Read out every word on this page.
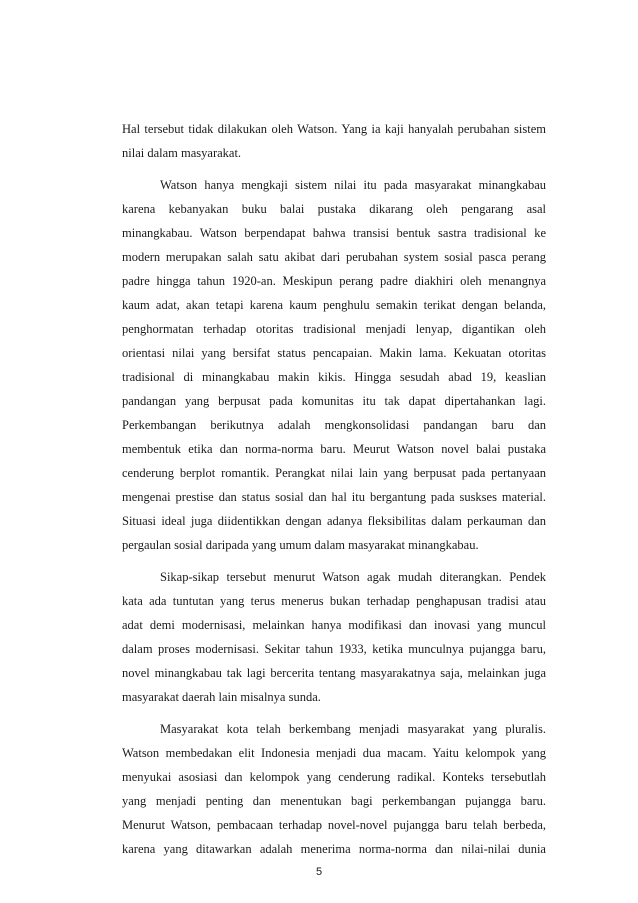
Hal tersebut tidak dilakukan oleh Watson. Yang ia kaji hanyalah perubahan sistem
nilai dalam masyarakat.
Watson hanya mengkaji sistem nilai itu pada masyarakat minangkabau
karena kebanyakan buku balai pustaka dikarang oleh pengarang asal
minangkabau. Watson berpendapat bahwa transisi bentuk sastra tradisional ke
modern merupakan salah satu akibat dari perubahan system sosial pasca perang
padre hingga tahun 1920-an. Meskipun perang padre diakhiri oleh menangnya
kaum adat, akan tetapi karena kaum penghulu semakin terikat dengan belanda,
penghormatan terhadap otoritas tradisional menjadi lenyap, digantikan oleh
orientasi nilai yang bersifat status pencapaian. Makin lama. Kekuatan otoritas
tradisional di minangkabau makin kikis. Hingga sesudah abad 19, keaslian
pandangan yang berpusat pada komunitas itu tak dapat dipertahankan lagi.
Perkembangan berikutnya adalah mengkonsolidasi pandangan baru dan
membentuk etika dan norma-norma baru. Meurut Watson novel balai pustaka
cenderung berplot romantik. Perangkat nilai lain yang berpusat pada pertanyaan
mengenai prestise dan status sosial dan hal itu bergantung pada suskses material.
Situasi ideal juga diidentikkan dengan adanya fleksibilitas dalam perkauman dan
pergaulan sosial daripada yang umum dalam masyarakat minangkabau.
Sikap-sikap tersebut menurut Watson agak mudah diterangkan. Pendek
kata ada tuntutan yang terus menerus bukan terhadap penghapusan tradisi atau
adat demi modernisasi, melainkan hanya modifikasi dan inovasi yang muncul
dalam proses modernisasi. Sekitar tahun 1933, ketika munculnya pujangga baru,
novel minangkabau tak lagi bercerita tentang masyarakatnya saja, melainkan juga
masyarakat daerah lain misalnya sunda.
Masyarakat kota telah berkembang menjadi masyarakat yang pluralis.
Watson membedakan elit Indonesia menjadi dua macam. Yaitu kelompok yang
menyukai asosiasi dan kelompok yang cenderung radikal. Konteks tersebutlah
yang menjadi penting dan menentukan bagi perkembangan pujangga baru.
Menurut Watson, pembacaan terhadap novel-novel pujangga baru telah berbeda,
karena yang ditawarkan adalah menerima norma-norma dan nilai-nilai dunia
5
